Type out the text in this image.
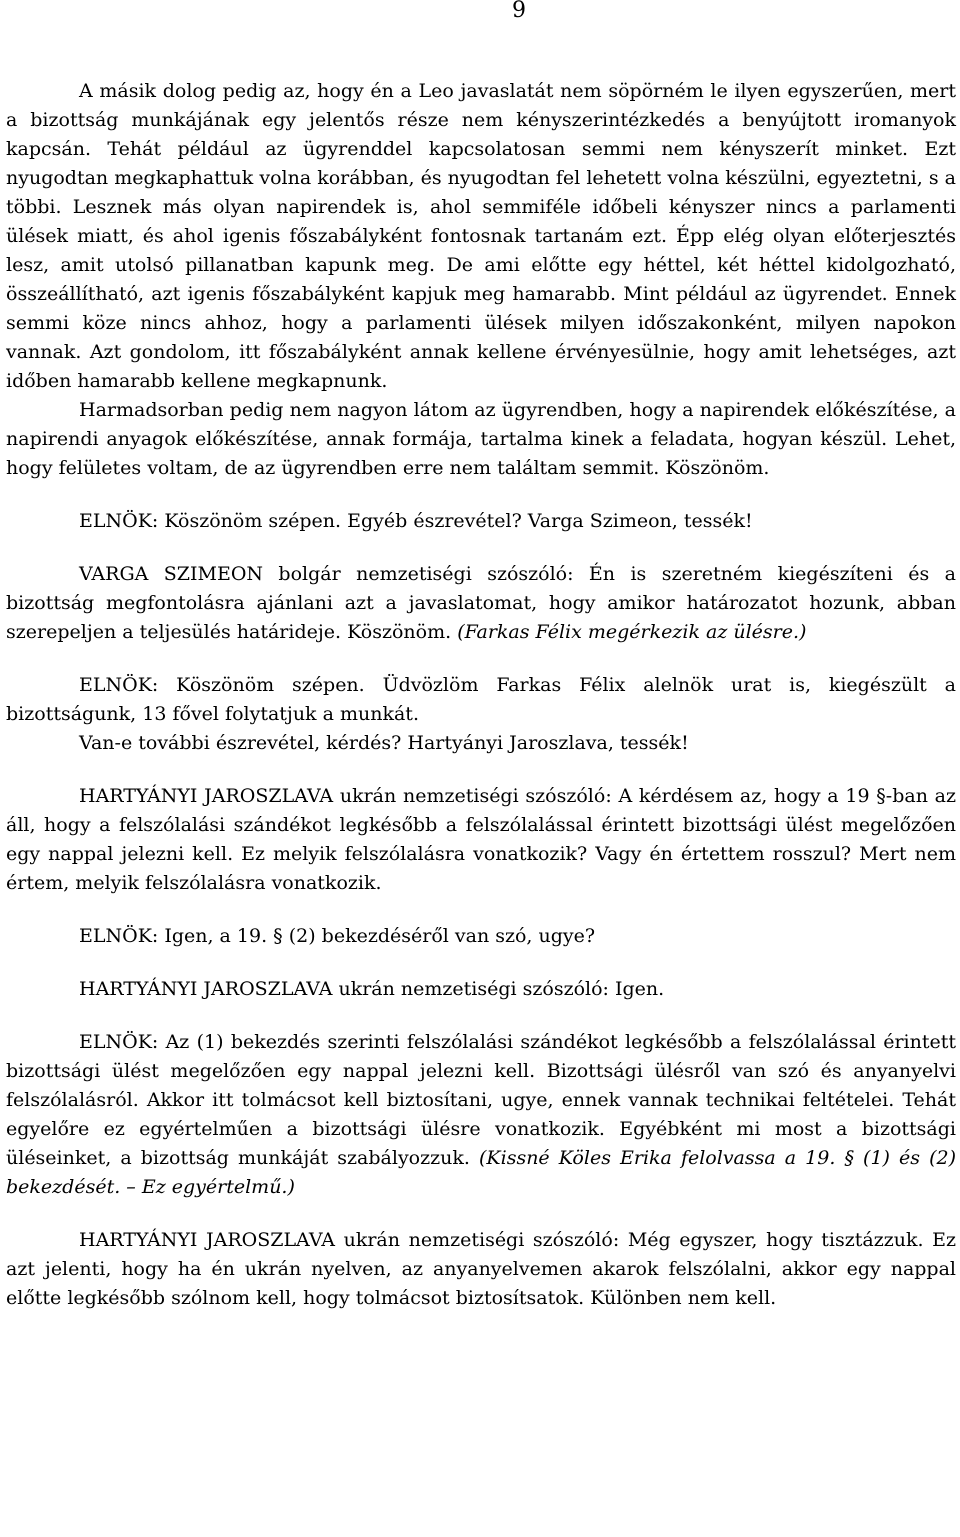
9

A másik dolog pedig az, hogy én a Leo javaslatát nem söpörném le ilyen egyszerűen, mert a bizottság munkájának egy jelentős része nem kényszerintézkedés a benyújtott iromanyok kapcsán. Tehát például az ügyrenddel kapcsolatosan semmi nem kényszerít minket. Ezt nyugodtan megkaphattuk volna korábban, és nyugodtan fel lehetett volna készülni, egyeztetni, s a többi. Lesznek más olyan napirendek is, ahol semmiféle időbeli kényszer nincs a parlamenti ülések miatt, és ahol igenis főszabályként fontosnak tartanám ezt. Épp elég olyan előterjesztés lesz, amit utolsó pillanatban kapunk meg. De ami előtte egy héttel, két héttel kidolgozható, összeállítható, azt igenis főszabályként kapjuk meg hamarabb. Mint például az ügyrendet. Ennek semmi köze nincs ahhoz, hogy a parlamenti ülések milyen időszakonként, milyen napokon vannak. Azt gondolom, itt főszabályként annak kellene érvényesülnie, hogy amit lehetséges, azt időben hamarabb kellene megkapnunk.

Harmadsorban pedig nem nagyon látom az ügyrendben, hogy a napirendek előkészítése, a napirendi anyagok előkészítése, annak formája, tartalma kinek a feladata, hogyan készül. Lehet, hogy felületes voltam, de az ügyrendben erre nem találtam semmit. Köszönöm.

ELNÖK: Köszönöm szépen. Egyéb észrevétel? Varga Szimeon, tessék!

VARGA SZIMEON bolgár nemzetiségi szószóló: Én is szeretném kiegészíteni és a bizottság megfontolásra ajánlani azt a javaslatomat, hogy amikor határozatot hozunk, abban szerepeljen a teljesülés határideje. Köszönöm. (Farkas Félix megérkezik az ülésre.)

ELNÖK: Köszönöm szépen. Üdvözlöm Farkas Félix alelnök urat is, kiegészült a bizottságunk, 13 fővel folytatjuk a munkát.

Van-e további észrevétel, kérdés? Hartyányi Jaroszlava, tessék!

HARTYÁNYI JAROSZLAVA ukrán nemzetiségi szószóló: A kérdésem az, hogy a 19 §-ban az áll, hogy a felszólalási szándékot legkésőbb a felszólalással érintett bizottsági ülést megelőzően egy nappal jelezni kell. Ez melyik felszólalásra vonatkozik? Vagy én értettem rosszul? Mert nem értem, melyik felszólalásra vonatkozik.

ELNÖK: Igen, a 19. § (2) bekezdéséről van szó, ugye?

HARTYÁNYI JAROSZLAVA ukrán nemzetiségi szószóló: Igen.

ELNÖK: Az (1) bekezdés szerinti felszólalási szándékot legkésőbb a felszólalással érintett bizottsági ülést megelőzően egy nappal jelezni kell. Bizottsági ülésről van szó és anyanyelvi felszólalásról. Akkor itt tolmácsot kell biztosítani, ugye, ennek vannak technikai feltételei. Tehát egyelőre ez egyértelműen a bizottsági ülésre vonatkozik. Egyébként mi most a bizottsági üléseinket, a bizottság munkáját szabályozzuk. (Kissné Köles Erika felolvassa a 19. § (1) és (2) bekezdését. – Ez egyértelmű.)

HARTYÁNYI JAROSZLAVA ukrán nemzetiségi szószóló: Még egyszer, hogy tisztázzuk. Ez azt jelenti, hogy ha én ukrán nyelven, az anyanyelvemen akarok felszólalni, akkor egy nappal előtte legkésőbb szólnom kell, hogy tolmácsot biztosítsatok. Különben nem kell.
